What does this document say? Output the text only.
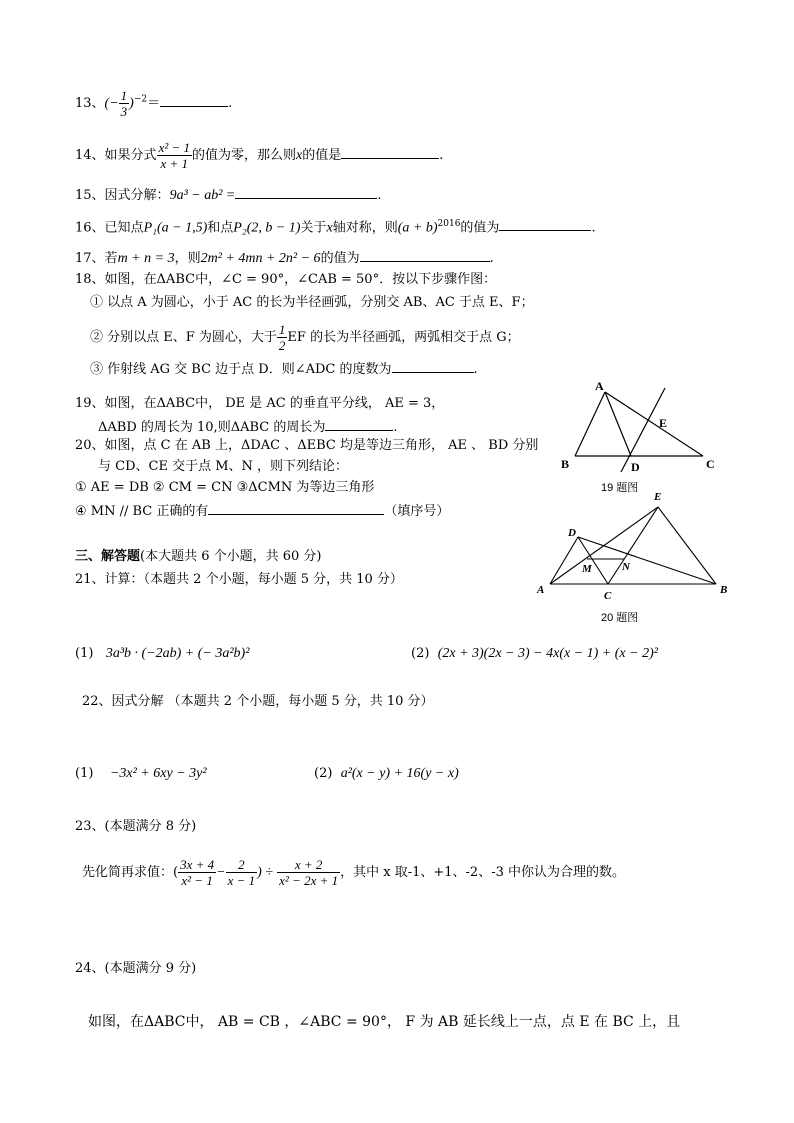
13、(− $\frac{1}{3} )^{-2}=$	.
14、如果分式 $\frac{\text{x² − 1}}{x + 1}$ 的值为零，那么则x的值是	.
15、因式分解：9a³ − ab² =	.
16、已知点P₁(a − 1,5)和点P₂(2, b − 1)关于x轴对称，则$(a + b)^{2016}$的值为	.
17、若m + n = 3，则2m² + 4mn + 2n² − 6的值为	.
18、如图，在ΔABC中，∠C = 90°，∠CAB = 50°．按以下步骤作图：
① 以点 A 为圆心，小于 AC 的长为半径画弧，分别交 AB、AC 于点 E、F；
② 分别以点 E、F 为圆心，大于 $\frac{1}{2}$ EF 的长为半径画弧，两弧相交于点 G；
③ 作射线 AG 交 BC 边于点 D．则∠ADC 的度数为	.
19、如图，在ΔABC中， DE 是 AC 的垂直平分线， AE = 3，
ΔABD 的周长为 10,则ΔABC 的周长为	.
20、如图，点 C 在 AB 上，ΔDAC 、ΔEBC 均是等边三角形， AE 、 BD 分别
与 CD、CE 交于点 M、N ，则下列结论：
① AE = DB ② CM = CN ③ΔCMN 为等边三角形
④ MN // BC 正确的有	（填序号）
A
E
B	D	C
19 题图
E
D
M	N
A	C	B
20 题图
三、解答题(本大题共 6 个小题，共 60 分)
21、计算：（本题共 2 个小题，每小题 5 分，共 10 分）
(1) 3a³b · (−2ab) + (− 3a²b)²	(2) (2x + 3)(2x − 3) − 4x(x − 1) + (x − 2)²
22、因式分解 （本题共 2 个小题，每小题 5 分，共 10 分）
(1) −3x² + 6xy − 3y²	(2) a²(x − y) + 16(y − x)
23、(本题满分 8 分)
先化简再求值：( $\frac{3x + 4}{\text{x² − 1}} - \frac{2}{x - 1}$ ) ÷ $\frac{x + 2}{\text{x² − 2x + 1}}$ ，其中 x 取-1、+1、-2、-3 中你认为合理的数。
24、(本题满分 9 分)
如图，在ΔABC中， AB = CB ，∠ABC = 90°， F 为 AB 延长线上一点，点 E 在 BC 上，且
